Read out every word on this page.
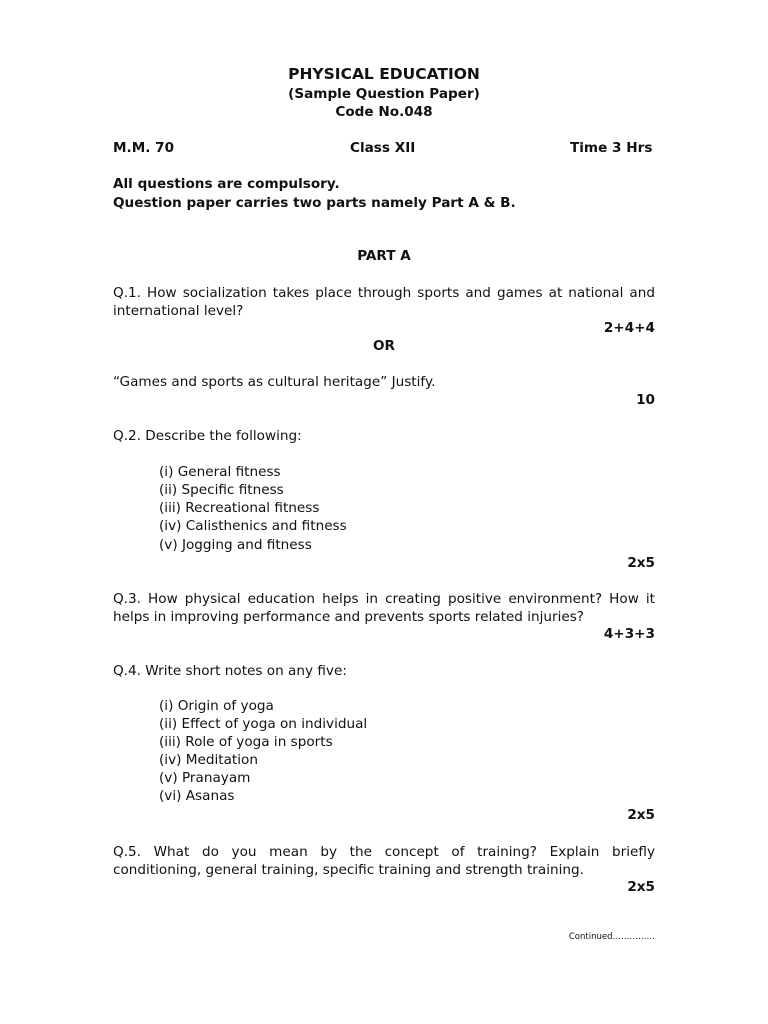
PHYSICAL EDUCATION
(Sample Question Paper)
Code No.048
M.M. 70	Class XII	Time 3 Hrs
All questions are compulsory.
Question paper carries two parts namely Part A & B.
PART A
Q.1. How socialization takes place through sports and games at national and international level?
2+4+4
OR
“Games and sports as cultural heritage” Justify.
10
Q.2. Describe the following:
(i) General fitness
(ii) Specific fitness
(iii) Recreational fitness
(iv) Calisthenics and fitness
(v) Jogging and fitness
2x5
Q.3. How physical education helps in creating positive environment? How it helps in improving performance and prevents sports related injuries?
4+3+3
Q.4. Write short notes on any five:
(i) Origin of yoga
(ii) Effect of yoga on individual
(iii) Role of yoga in sports
(iv) Meditation
(v) Pranayam
(vi) Asanas
2x5
Q.5. What do you mean by the concept of training? Explain briefly conditioning, general training, specific training and strength training.
2x5
Continued……………
